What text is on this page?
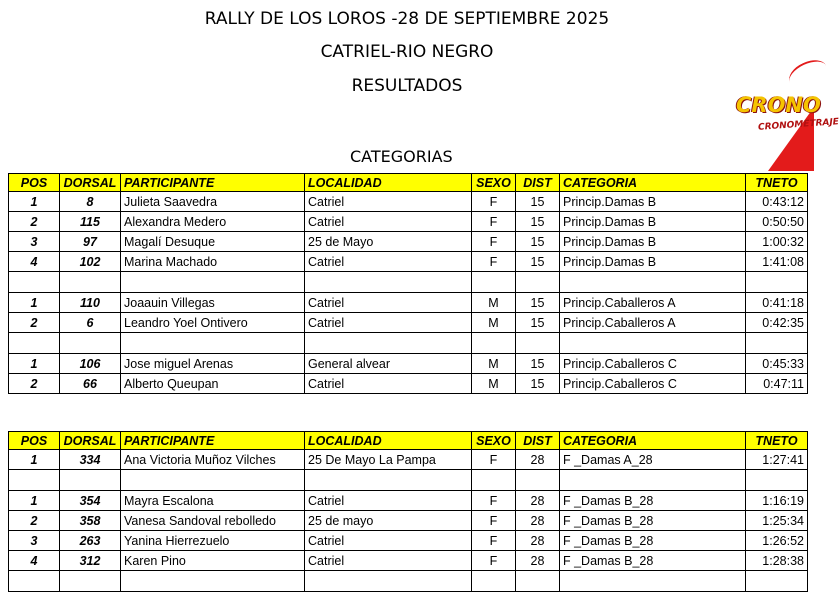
RALLY DE LOS LOROS -28 DE SEPTIEMBRE 2025
CATRIEL-RIO NEGRO
RESULTADOS
CATEGORIAS
CRONO
CRONOMETRAJE
POS	DORSAL	PARTICIPANTE	LOCALIDAD	SEXO	DIST	CATEGORIA	TNETO
1	8	Julieta Saavedra	Catriel	F	15	Princip.Damas B	0:43:12
2	115	Alexandra Medero	Catriel	F	15	Princip.Damas B	0:50:50
3	97	Magalí Desuque	25 de Mayo	F	15	Princip.Damas B	1:00:32
4	102	Marina Machado	Catriel	F	15	Princip.Damas B	1:41:08

1	110	Joaauin Villegas	Catriel	M	15	Princip.Caballeros A	0:41:18
2	6	Leandro Yoel Ontivero	Catriel	M	15	Princip.Caballeros A	0:42:35

1	106	Jose miguel Arenas	General alvear	M	15	Princip.Caballeros C	0:45:33
2	66	Alberto Queupan	Catriel	M	15	Princip.Caballeros C	0:47:11
POS	DORSAL	PARTICIPANTE	LOCALIDAD	SEXO	DIST	CATEGORIA	TNETO
1	334	Ana Victoria Muñoz Vilches	25 De Mayo La Pampa	F	28	F _Damas A_28	1:27:41

1	354	Mayra Escalona	Catriel	F	28	F _Damas B_28	1:16:19
2	358	Vanesa Sandoval rebolledo	25 de mayo	F	28	F _Damas B_28	1:25:34
3	263	Yanina Hierrezuelo	Catriel	F	28	F _Damas B_28	1:26:52
4	312	Karen Pino	Catriel	F	28	F _Damas B_28	1:28:38
